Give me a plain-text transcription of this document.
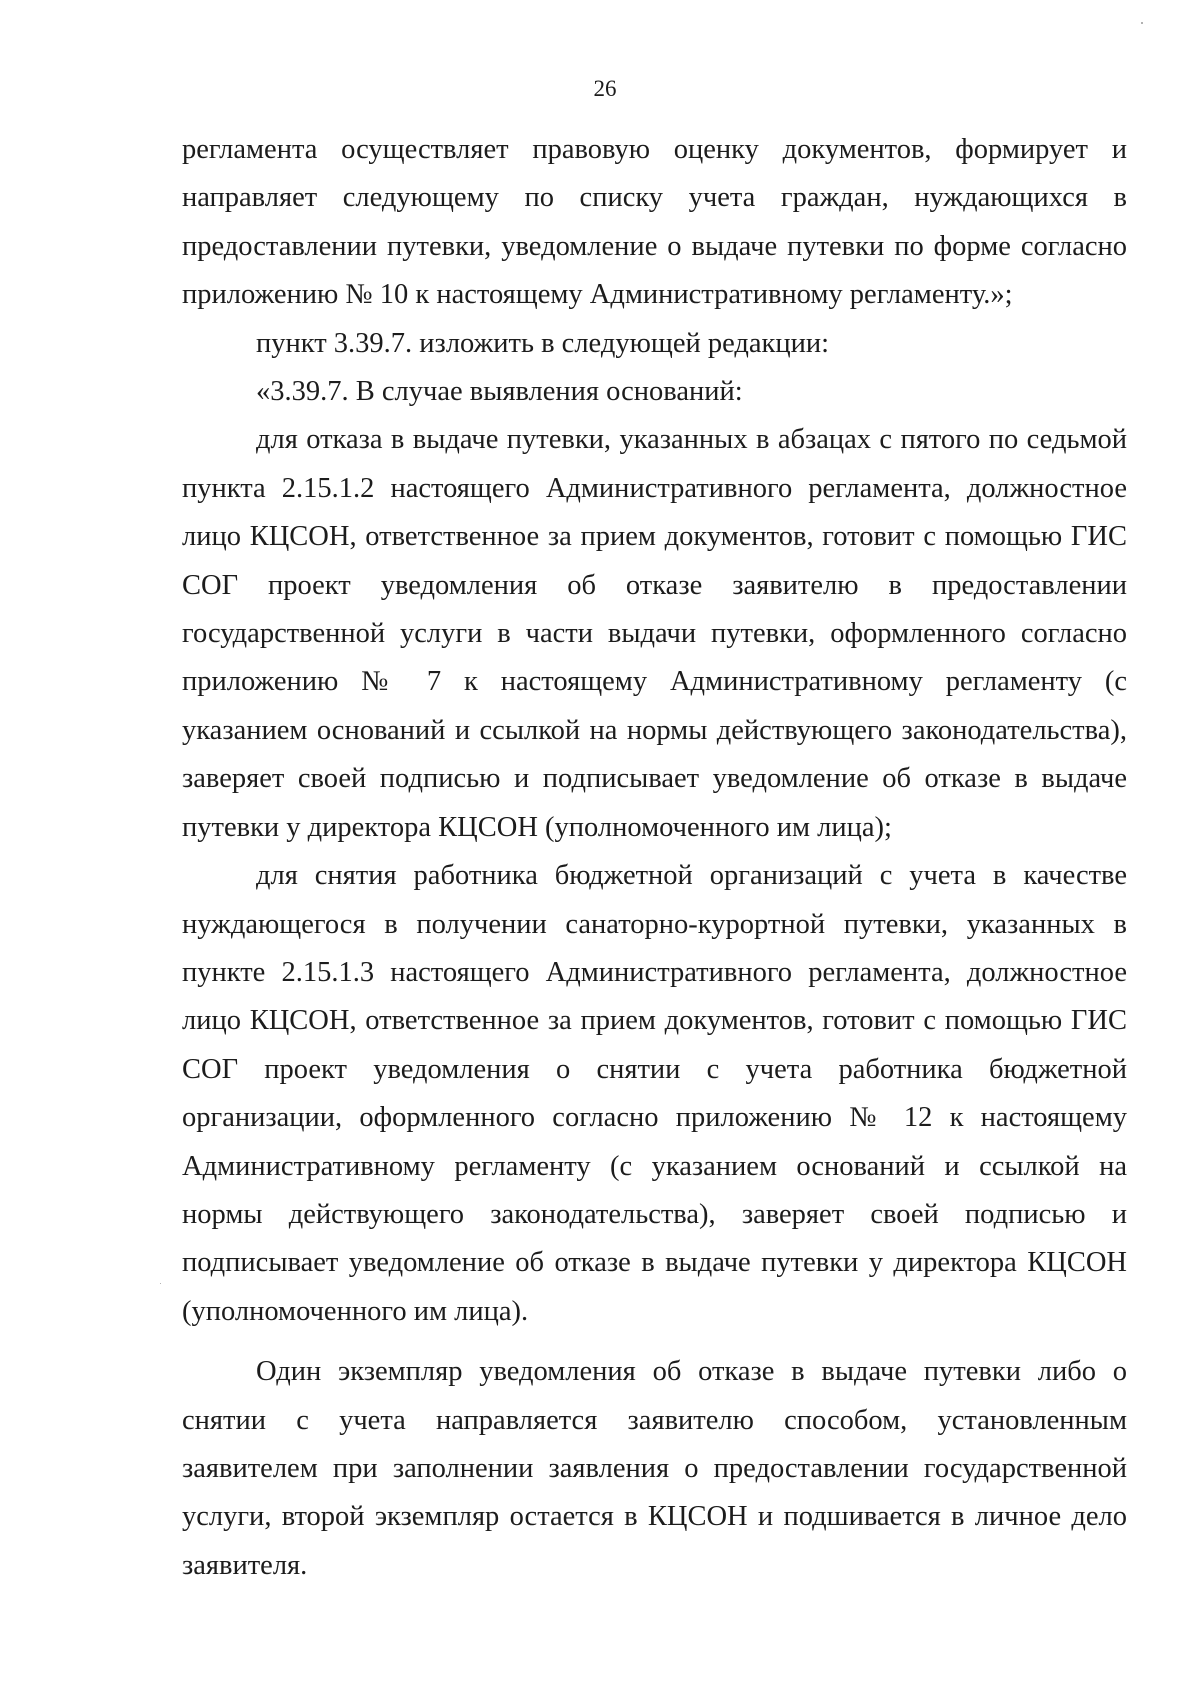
26

регламента осуществляет правовую оценку документов, формирует и направляет следующему по списку учета граждан, нуждающихся в предоставлении путевки, уведомление о выдаче путевки по форме согласно приложению № 10 к настоящему Административному регламенту.»;

пункт 3.39.7. изложить в следующей редакции:

«3.39.7. В случае выявления оснований:

для отказа в выдаче путевки, указанных в абзацах с пятого по седьмой пункта 2.15.1.2 настоящего Административного регламента, должностное лицо КЦСОН, ответственное за прием документов, готовит с помощью ГИС СОГ проект уведомления об отказе заявителю в предоставлении государственной услуги в части выдачи путевки, оформленного согласно приложению № 7 к настоящему Административному регламенту (с указанием оснований и ссылкой на нормы действующего законодательства), заверяет своей подписью и подписывает уведомление об отказе в выдаче путевки у директора КЦСОН (уполномоченного им лица);

для снятия работника бюджетной организаций с учета в качестве нуждающегося в получении санаторно-курортной путевки, указанных в пункте 2.15.1.3 настоящего Административного регламента, должностное лицо КЦСОН, ответственное за прием документов, готовит с помощью ГИС СОГ проект уведомления о снятии с учета работника бюджетной организации, оформленного согласно приложению № 12 к настоящему Административному регламенту (с указанием оснований и ссылкой на нормы действующего законодательства), заверяет своей подписью и подписывает уведомление об отказе в выдаче путевки у директора КЦСОН (уполномоченного им лица).

Один экземпляр уведомления об отказе в выдаче путевки либо о снятии с учета направляется заявителю способом, установленным заявителем при заполнении заявления о предоставлении государственной услуги, второй экземпляр остается в КЦСОН и подшивается в личное дело заявителя.
